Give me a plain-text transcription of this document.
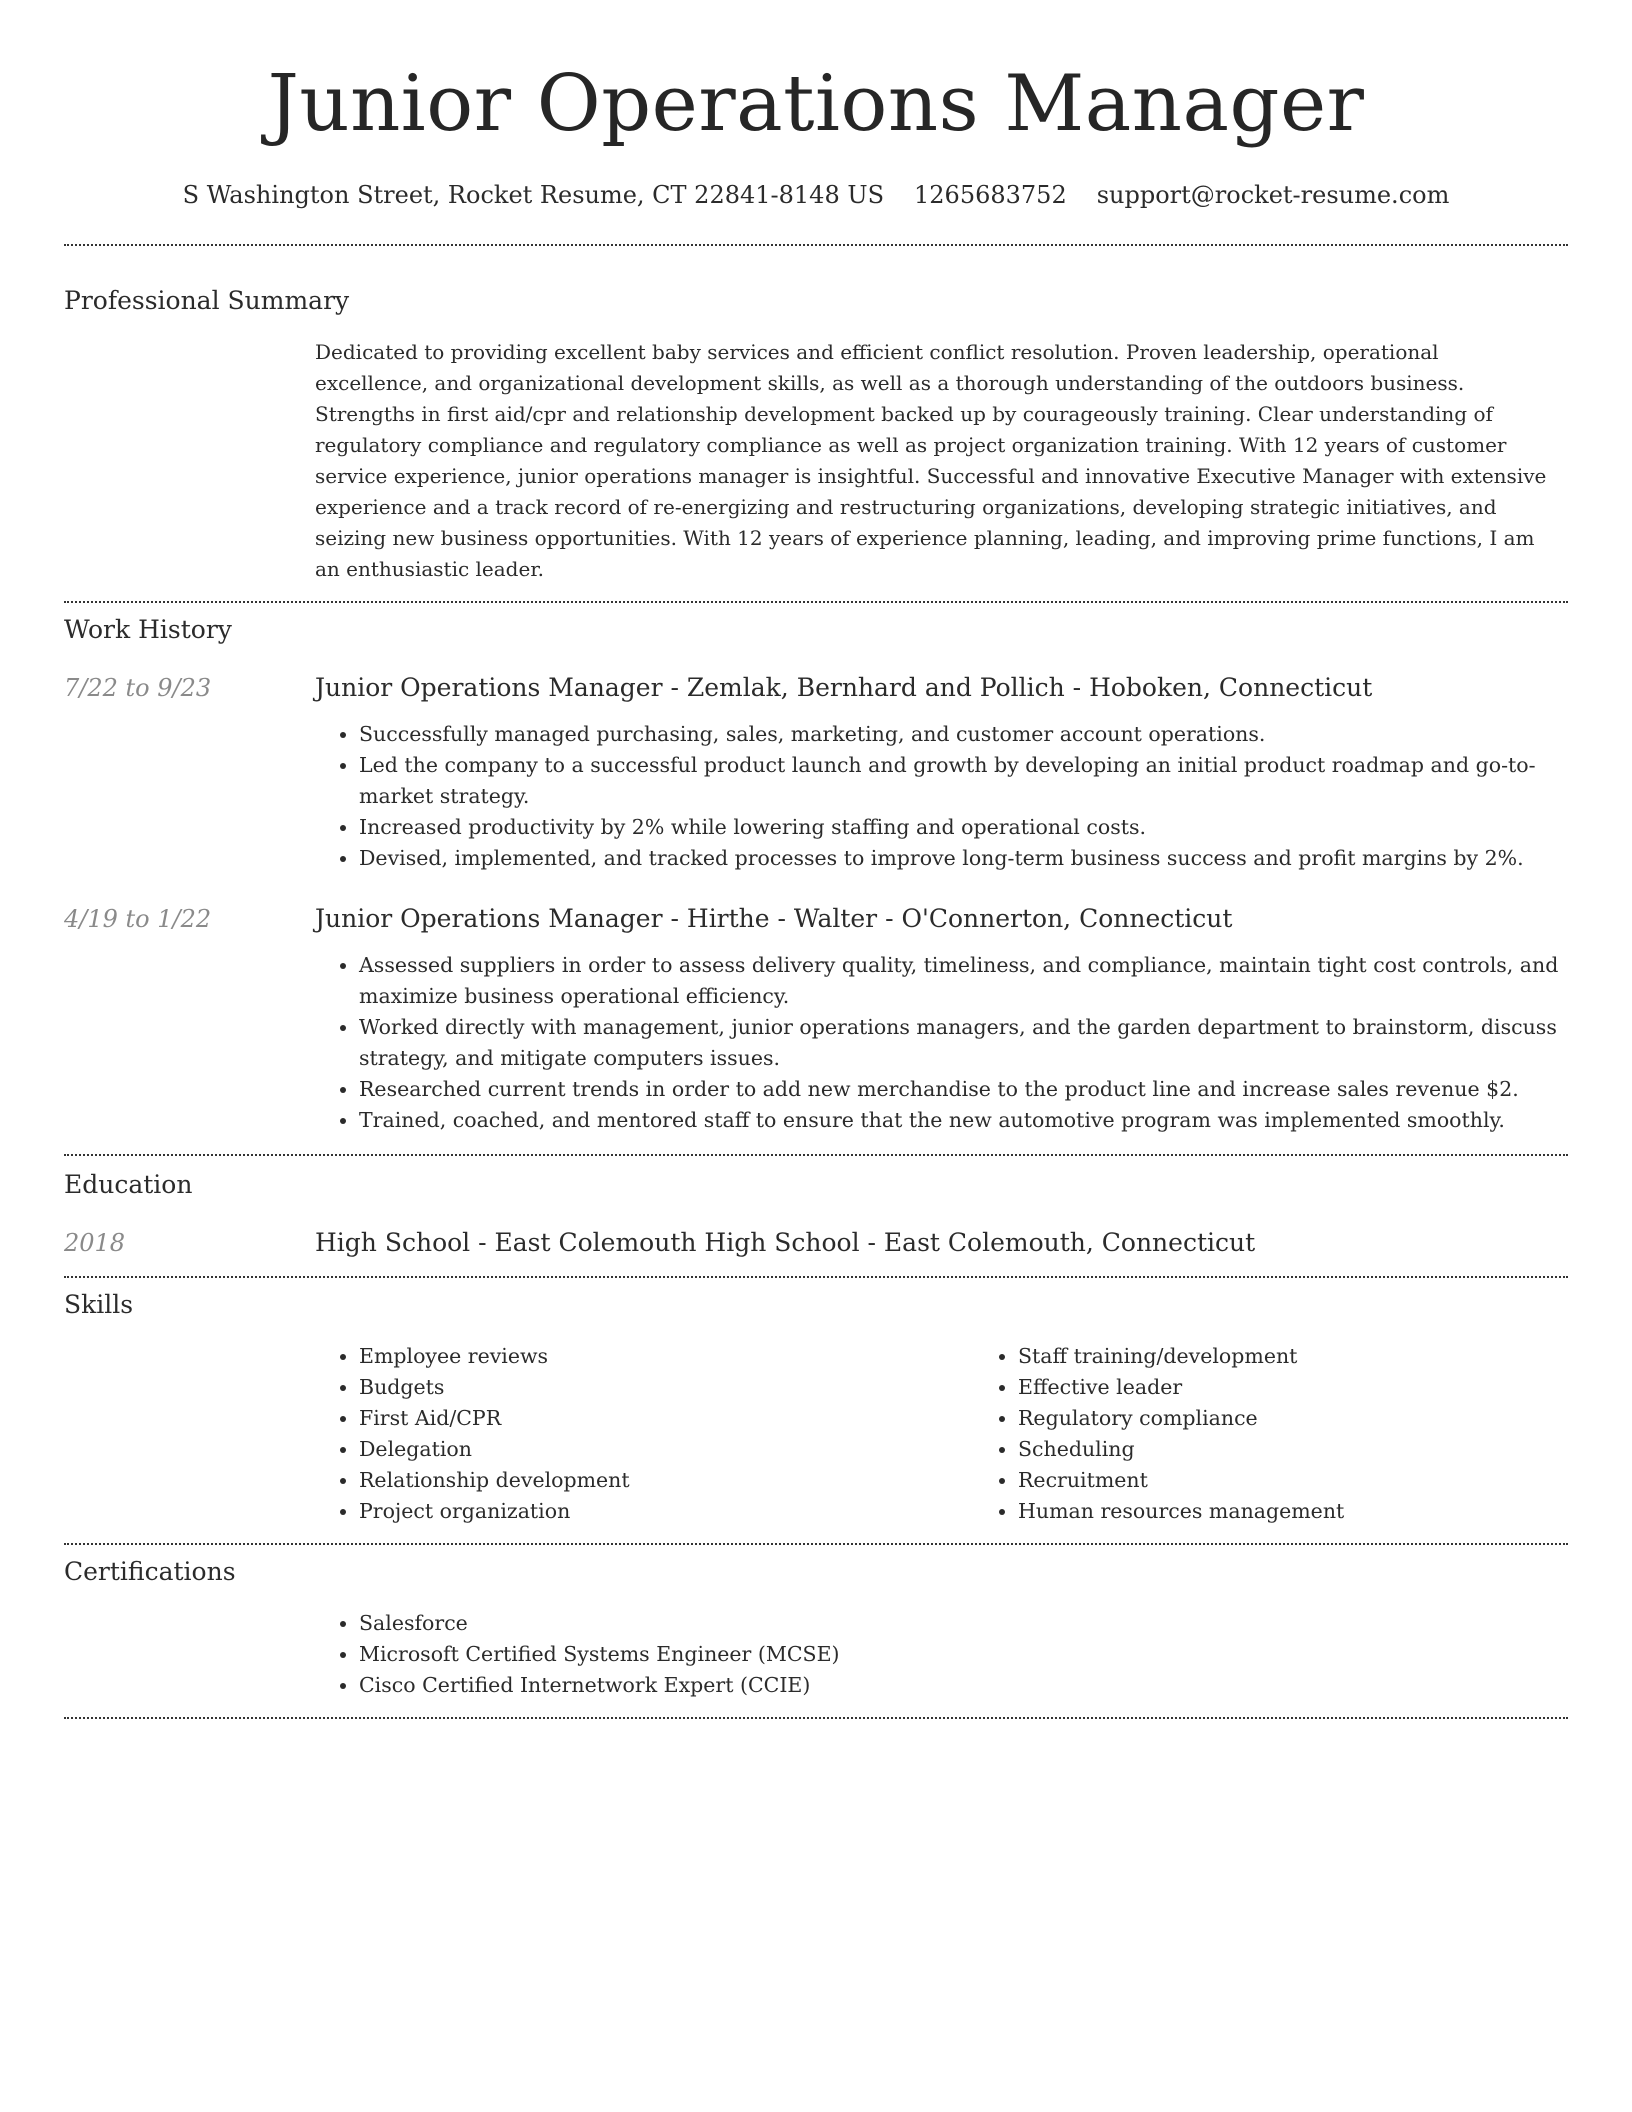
Junior Operations Manager
S Washington Street, Rocket Resume, CT 22841-8148 US 1265683752 support@rocket-resume.com
Professional Summary

Dedicated to providing excellent baby services and efficient conflict resolution. Proven leadership, operational excellence, and organizational development skills, as well as a thorough understanding of the outdoors business. Strengths in first aid/cpr and relationship development backed up by courageously training. Clear understanding of regulatory compliance and regulatory compliance as well as project organization training. With 12 years of customer service experience, junior operations manager is insightful. Successful and innovative Executive Manager with extensive experience and a track record of re-energizing and restructuring organizations, developing strategic initiatives, and seizing new business opportunities. With 12 years of experience planning, leading, and improving prime functions, I am an enthusiastic leader.

Work History
7/22 to 9/23	Junior Operations Manager - Zemlak, Bernhard and Pollich - Hoboken, Connecticut
• Successfully managed purchasing, sales, marketing, and customer account operations.
• Led the company to a successful product launch and growth by developing an initial product roadmap and go-to-market strategy.
• Increased productivity by 2% while lowering staffing and operational costs.
• Devised, implemented, and tracked processes to improve long-term business success and profit margins by 2%.
4/19 to 1/22	Junior Operations Manager - Hirthe - Walter - O'Connerton, Connecticut
• Assessed suppliers in order to assess delivery quality, timeliness, and compliance, maintain tight cost controls, and maximize business operational efficiency.
• Worked directly with management, junior operations managers, and the garden department to brainstorm, discuss strategy, and mitigate computers issues.
• Researched current trends in order to add new merchandise to the product line and increase sales revenue $2.
• Trained, coached, and mentored staff to ensure that the new automotive program was implemented smoothly.
Education
2018	High School - East Colemouth High School - East Colemouth, Connecticut
Skills
• Employee reviews
• Budgets
• First Aid/CPR
• Delegation
• Relationship development
• Project organization
• Staff training/development
• Effective leader
• Regulatory compliance
• Scheduling
• Recruitment
• Human resources management
Certifications
• Salesforce
• Microsoft Certified Systems Engineer (MCSE)
• Cisco Certified Internetwork Expert (CCIE)
